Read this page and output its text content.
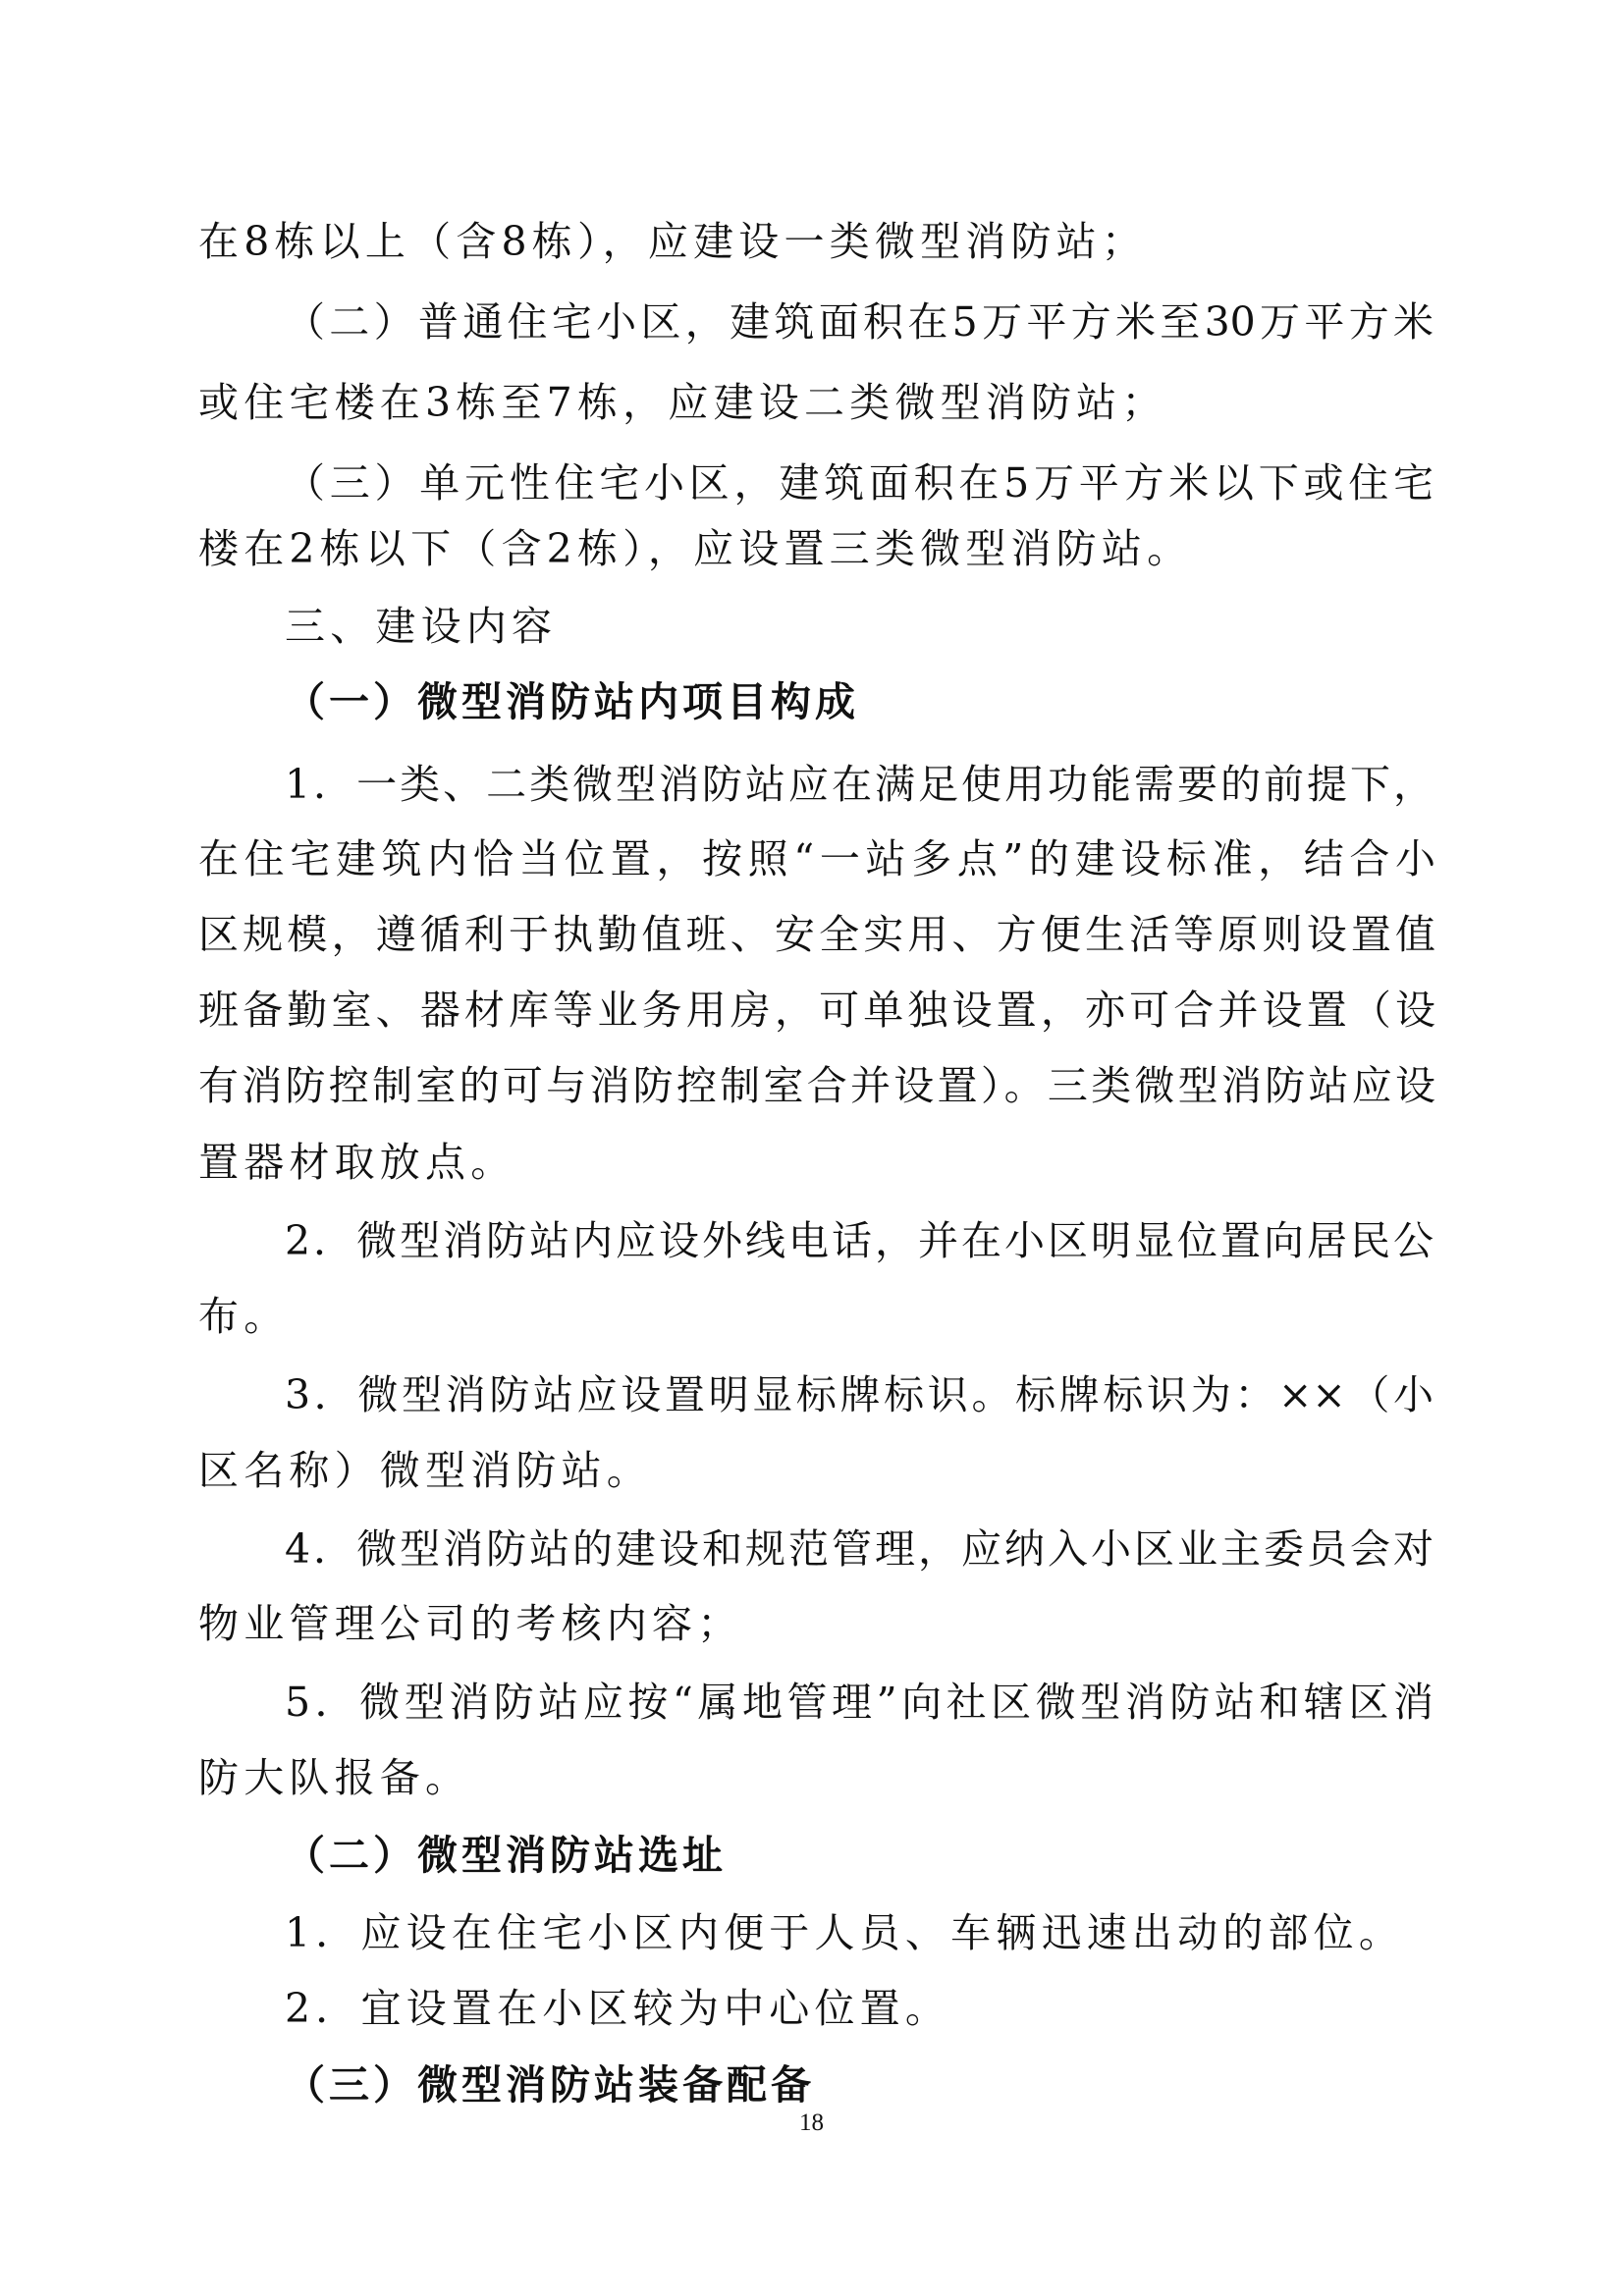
在8栋以上（含8栋），应建设一类微型消防站；
（二）普通住宅小区，建筑面积在5万平方米至30万平方米
或住宅楼在3栋至7栋，应建设二类微型消防站；
（三）单元性住宅小区，建筑面积在5万平方米以下或住宅
楼在2栋以下（含2栋），应设置三类微型消防站。
三、建设内容
（一）微型消防站内项目构成
1．一类、二类微型消防站应在满足使用功能需要的前提下，
在住宅建筑内恰当位置，按照“一站多点”的建设标准，结合小
区规模，遵循利于执勤值班、安全实用、方便生活等原则设置值
班备勤室、器材库等业务用房，可单独设置，亦可合并设置（设
有消防控制室的可与消防控制室合并设置）。三类微型消防站应设
置器材取放点。
2．微型消防站内应设外线电话，并在小区明显位置向居民公
布。
3．微型消防站应设置明显标牌标识。标牌标识为：××（小
区名称）微型消防站。
4．微型消防站的建设和规范管理，应纳入小区业主委员会对
物业管理公司的考核内容；
5．微型消防站应按“属地管理”向社区微型消防站和辖区消
防大队报备。
（二）微型消防站选址
1．应设在住宅小区内便于人员、车辆迅速出动的部位。
2．宜设置在小区较为中心位置。
（三）微型消防站装备配备
18
